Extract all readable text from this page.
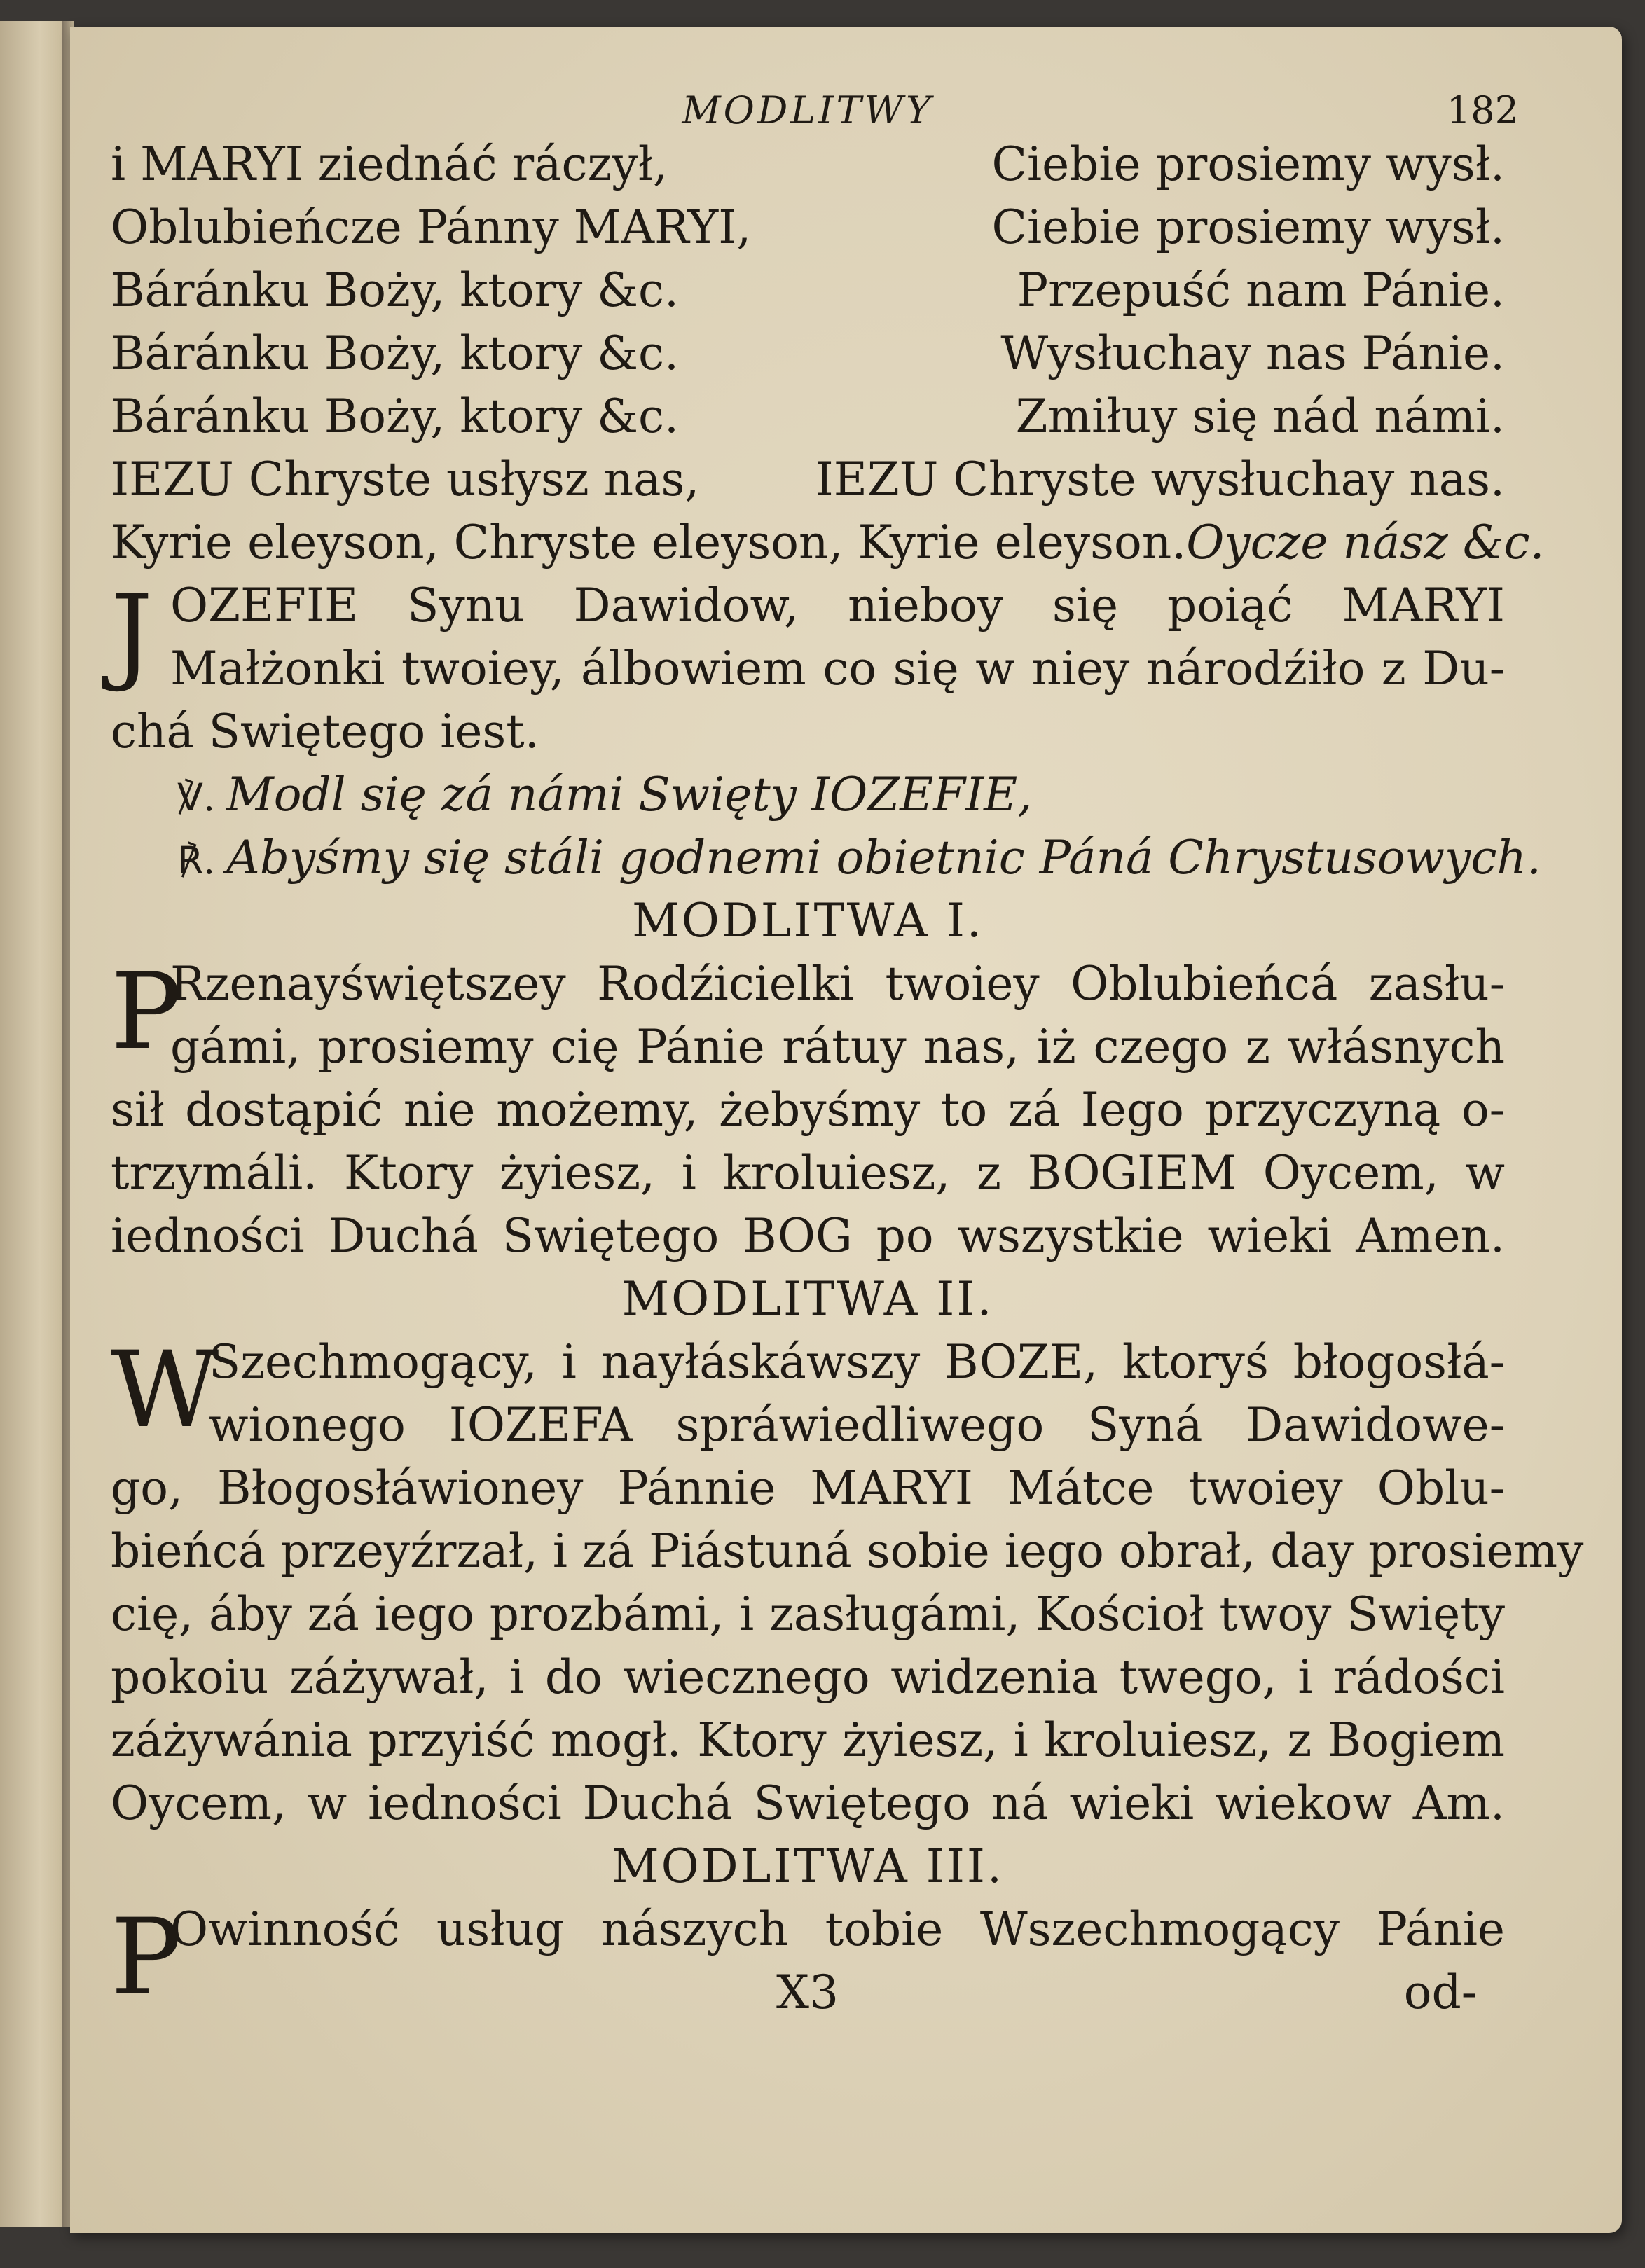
MODLITWY	182
i MARYI ziednáć ráczył,	Ciebie prosiemy wysł.
Oblubieńcze Pánny MARYI,	Ciebie prosiemy wysł.
Báránku Boży, ktory &c.	Przepuść nam Pánie.
Báránku Boży, ktory &c.	Wysłuchay nas Pánie.
Báránku Boży, ktory &c.	Zmiłuy się nád námi.
IEZU Chryste usłysz nas,	IEZU Chryste wysłuchay nas.
Kyrie eleyson, Chryste eleyson, Kyrie eleyson. Oycze nász &c.
J OZEFIE Synu Dawidow, nieboy się poiąć MARYI
Małżonki twoiey, álbowiem co się w niey národźiło z Du-
chá Swiętego iest.
℣. Modl się zá námi Swięty IOZEFIE,
℟. Abyśmy się stáli godnemi obietnic Páná Chrystusowych.
MODLITWA I.
P
Rzenayświętszey Rodźicielki twoiey Oblubieńcá zasłu-
gámi, prosiemy cię Pánie rátuy nas, iż czego z włásnych
sił dostąpić nie możemy, żebyśmy to zá Iego przyczyną o-
trzymáli. Ktory żyiesz, i kroluiesz, z BOGIEM Oycem, w
iedności Duchá Swiętego BOG po wszystkie wieki Amen.
MODLITWA II.
W
Szechmogący, i nayłáskáwszy BOZE, ktoryś błogosłá-
wionego IOZEFA spráwiedliwego Syná Dawidowe-
go, Błogosłáwioney Pánnie MARYI Mátce twoiey Oblu-
bieńcá przeyźrzał, i zá Piástuná sobie iego obrał, day prosiemy
cię, áby zá iego prozbámi, i zasługámi, Kościoł twoy Swięty
pokoiu záżywał, i do wiecznego widzenia twego, i rádości
záżywánia przyiść mogł. Ktory żyiesz, i kroluiesz, z Bogiem
Oycem, w iedności Duchá Swiętego ná wieki wiekow Am.
MODLITWA III.
P
Owinność usług nászych tobie Wszechmogący Pánie
X3	od-
